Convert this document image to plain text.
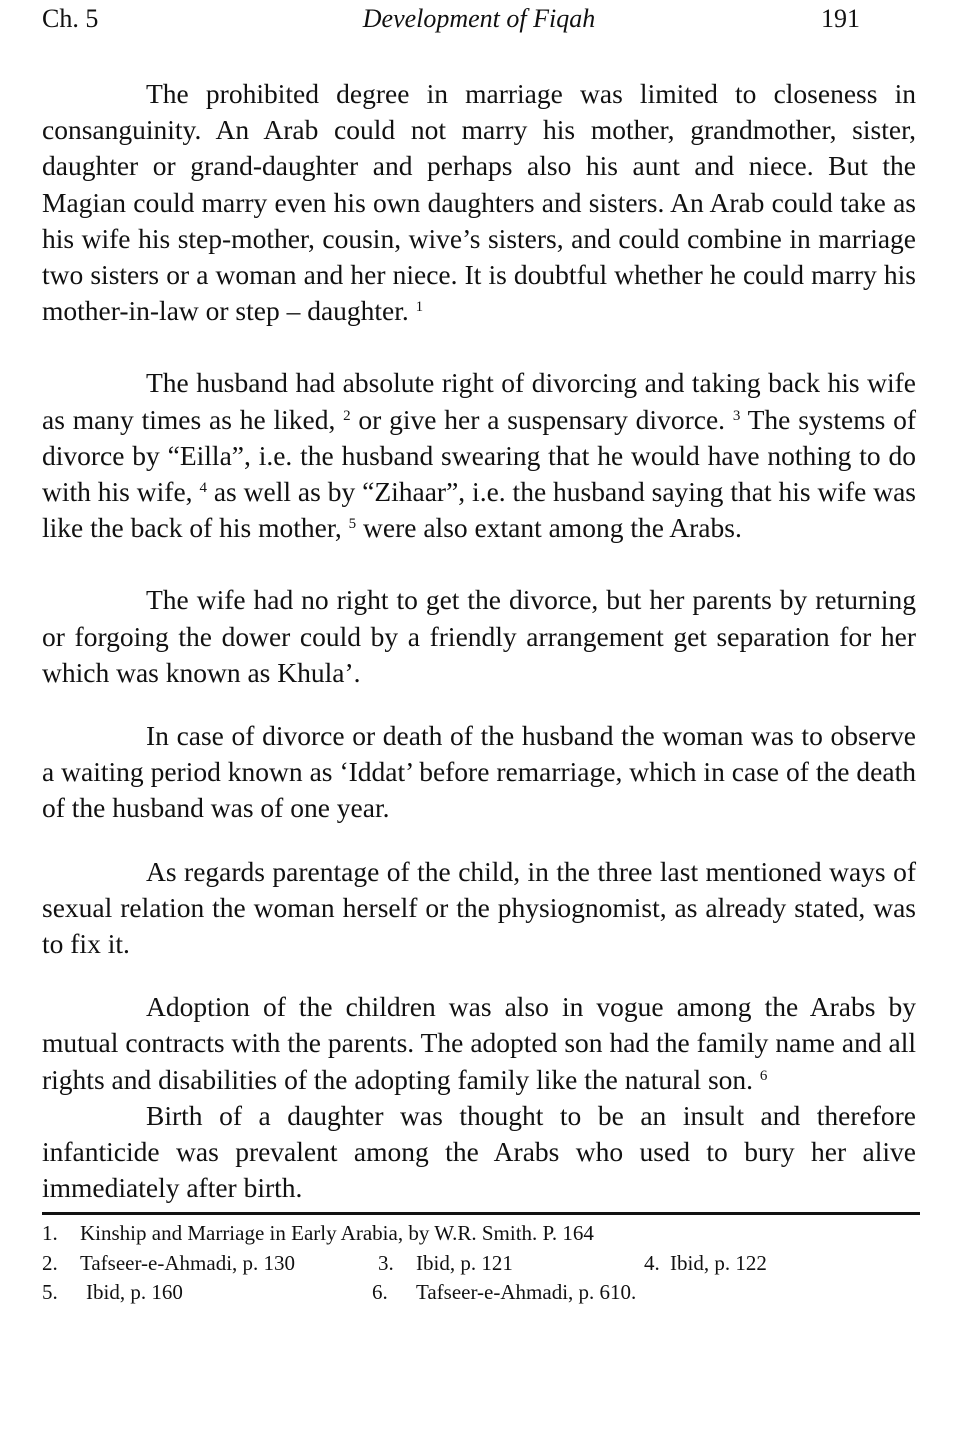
Ch. 5	Development of Fiqah	191

The prohibited degree in marriage was limited to closeness in consanguinity. An Arab could not marry his mother, grandmother, sister, daughter or grand-daughter and perhaps also his aunt and niece. But the Magian could marry even his own daughters and sisters. An Arab could take as his wife his step-mother, cousin, wive’s sisters, and could combine in marriage two sisters or a woman and her niece. It is doubtful whether he could marry his mother-in-law or step – daughter. $^1$

The husband had absolute right of divorcing and taking back his wife as many times as he liked, $^2$ or give her a suspensary divorce. $^3$ The systems of divorce by “Eilla”, i.e. the husband swearing that he would have nothing to do with his wife, $^4$ as well as by “Zihaar”, i.e. the husband saying that his wife was like the back of his mother, $^5$ were also extant among the Arabs.

The wife had no right to get the divorce, but her parents by returning or forgoing the dower could by a friendly arrangement get separation for her which was known as Khula’.

In case of divorce or death of the husband the woman was to observe a waiting period known as ‘Iddat’ before remarriage, which in case of the death of the husband was of one year.

As regards parentage of the child, in the three last mentioned ways of sexual relation the woman herself or the physiognomist, as already stated, was to fix it.

Adoption of the children was also in vogue among the Arabs by mutual contracts with the parents. The adopted son had the family name and all rights and disabilities of the adopting family like the natural son. $^6$

Birth of a daughter was thought to be an insult and therefore infanticide was prevalent among the Arabs who used to bury her alive immediately after birth.

1. Kinship and Marriage in Early Arabia, by W.R. Smith. P. 164
2. Tafseer-e-Ahmadi, p. 130	3. Ibid, p. 121	4. Ibid, p. 122
5. Ibid, p. 160	6. Tafseer-e-Ahmadi, p. 610.
